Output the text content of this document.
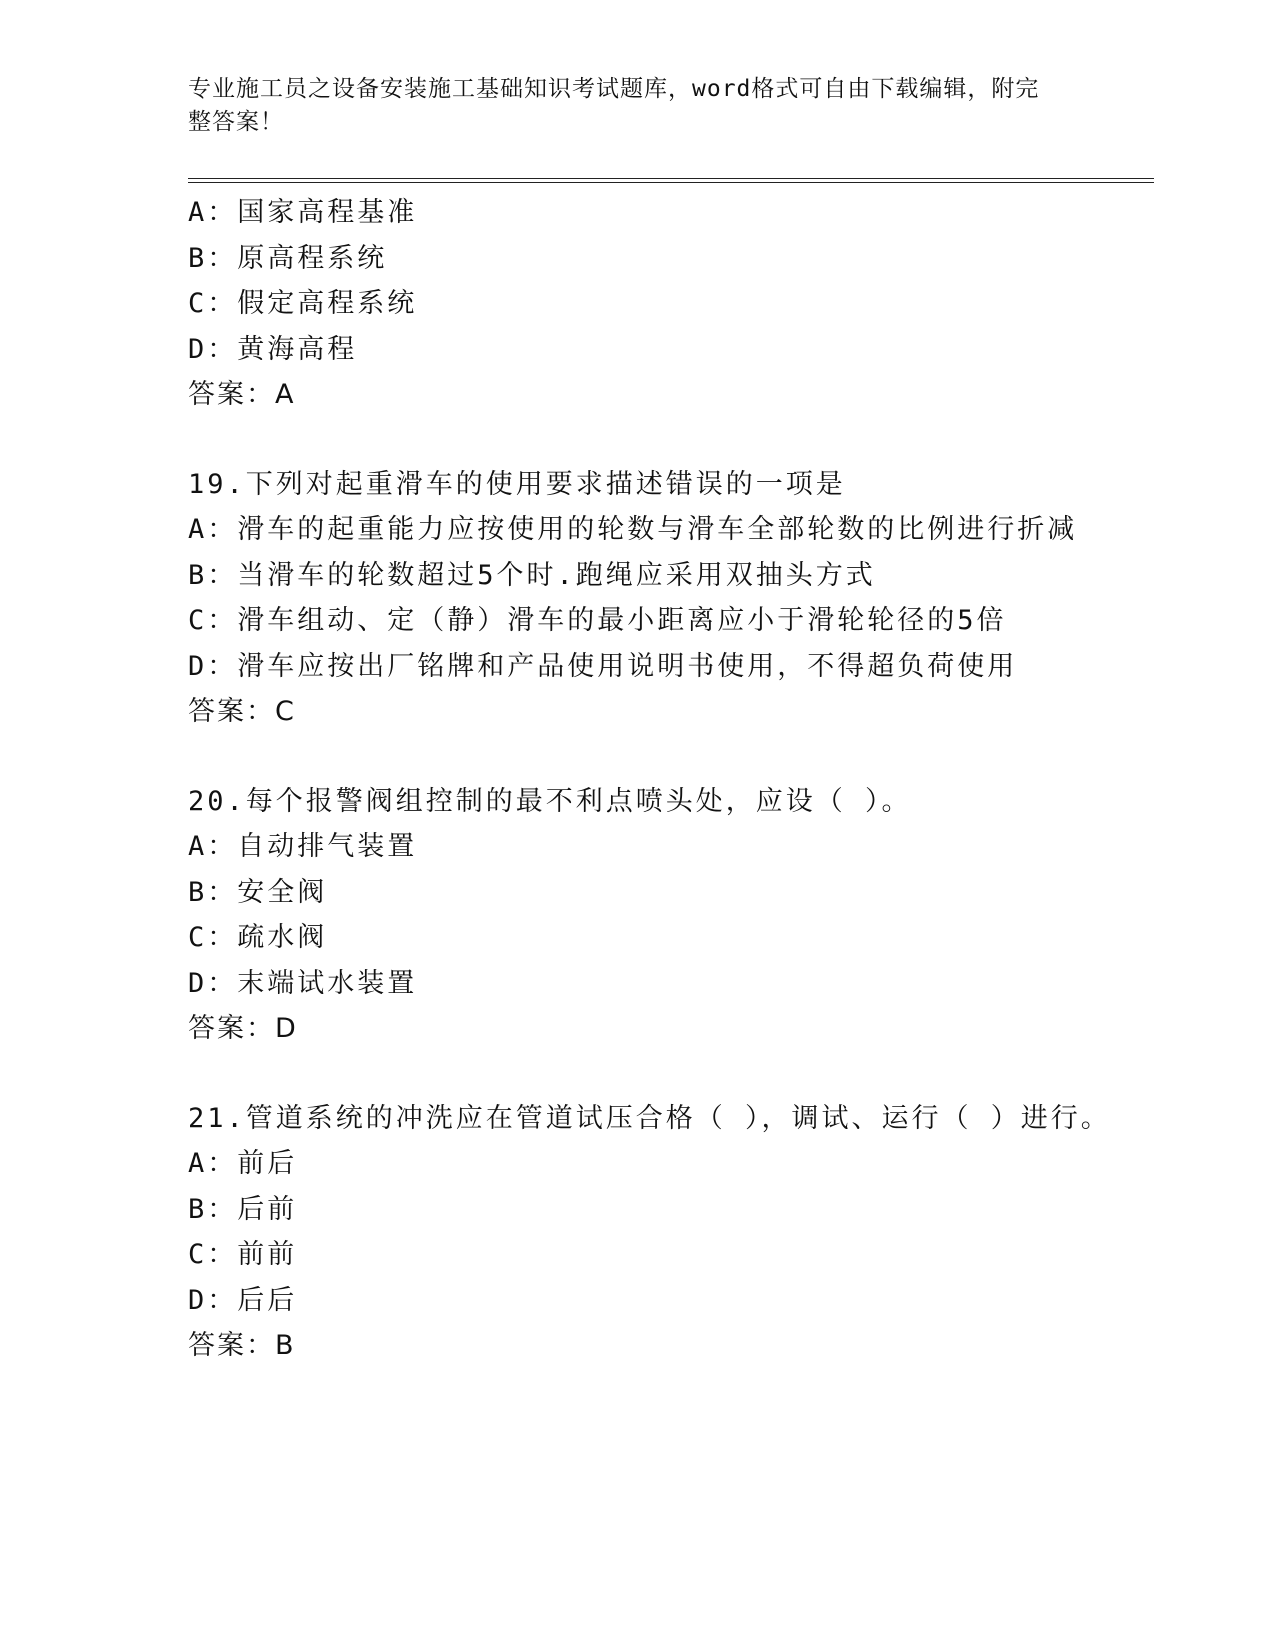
专业施工员之设备安装施工基础知识考试题库，word格式可自由下载编辑，附完
整答案！
A：国家高程基准
B：原高程系统
C：假定高程系统
D：黄海高程
答案：A
19.下列对起重滑车的使用要求描述错误的一项是
A：滑车的起重能力应按使用的轮数与滑车全部轮数的比例进行折减
B：当滑车的轮数超过5个时.跑绳应采用双抽头方式
C：滑车组动、定（静）滑车的最小距离应小于滑轮轮径的5倍
D：滑车应按出厂铭牌和产品使用说明书使用，不得超负荷使用
答案：C
20.每个报警阀组控制的最不利点喷头处，应设（ ）。
A：自动排气装置
B：安全阀
C：疏水阀
D：末端试水装置
答案：D
21.管道系统的冲洗应在管道试压合格（ ），调试、运行（ ）进行。
A：前后
B：后前
C：前前
D：后后
答案：B
